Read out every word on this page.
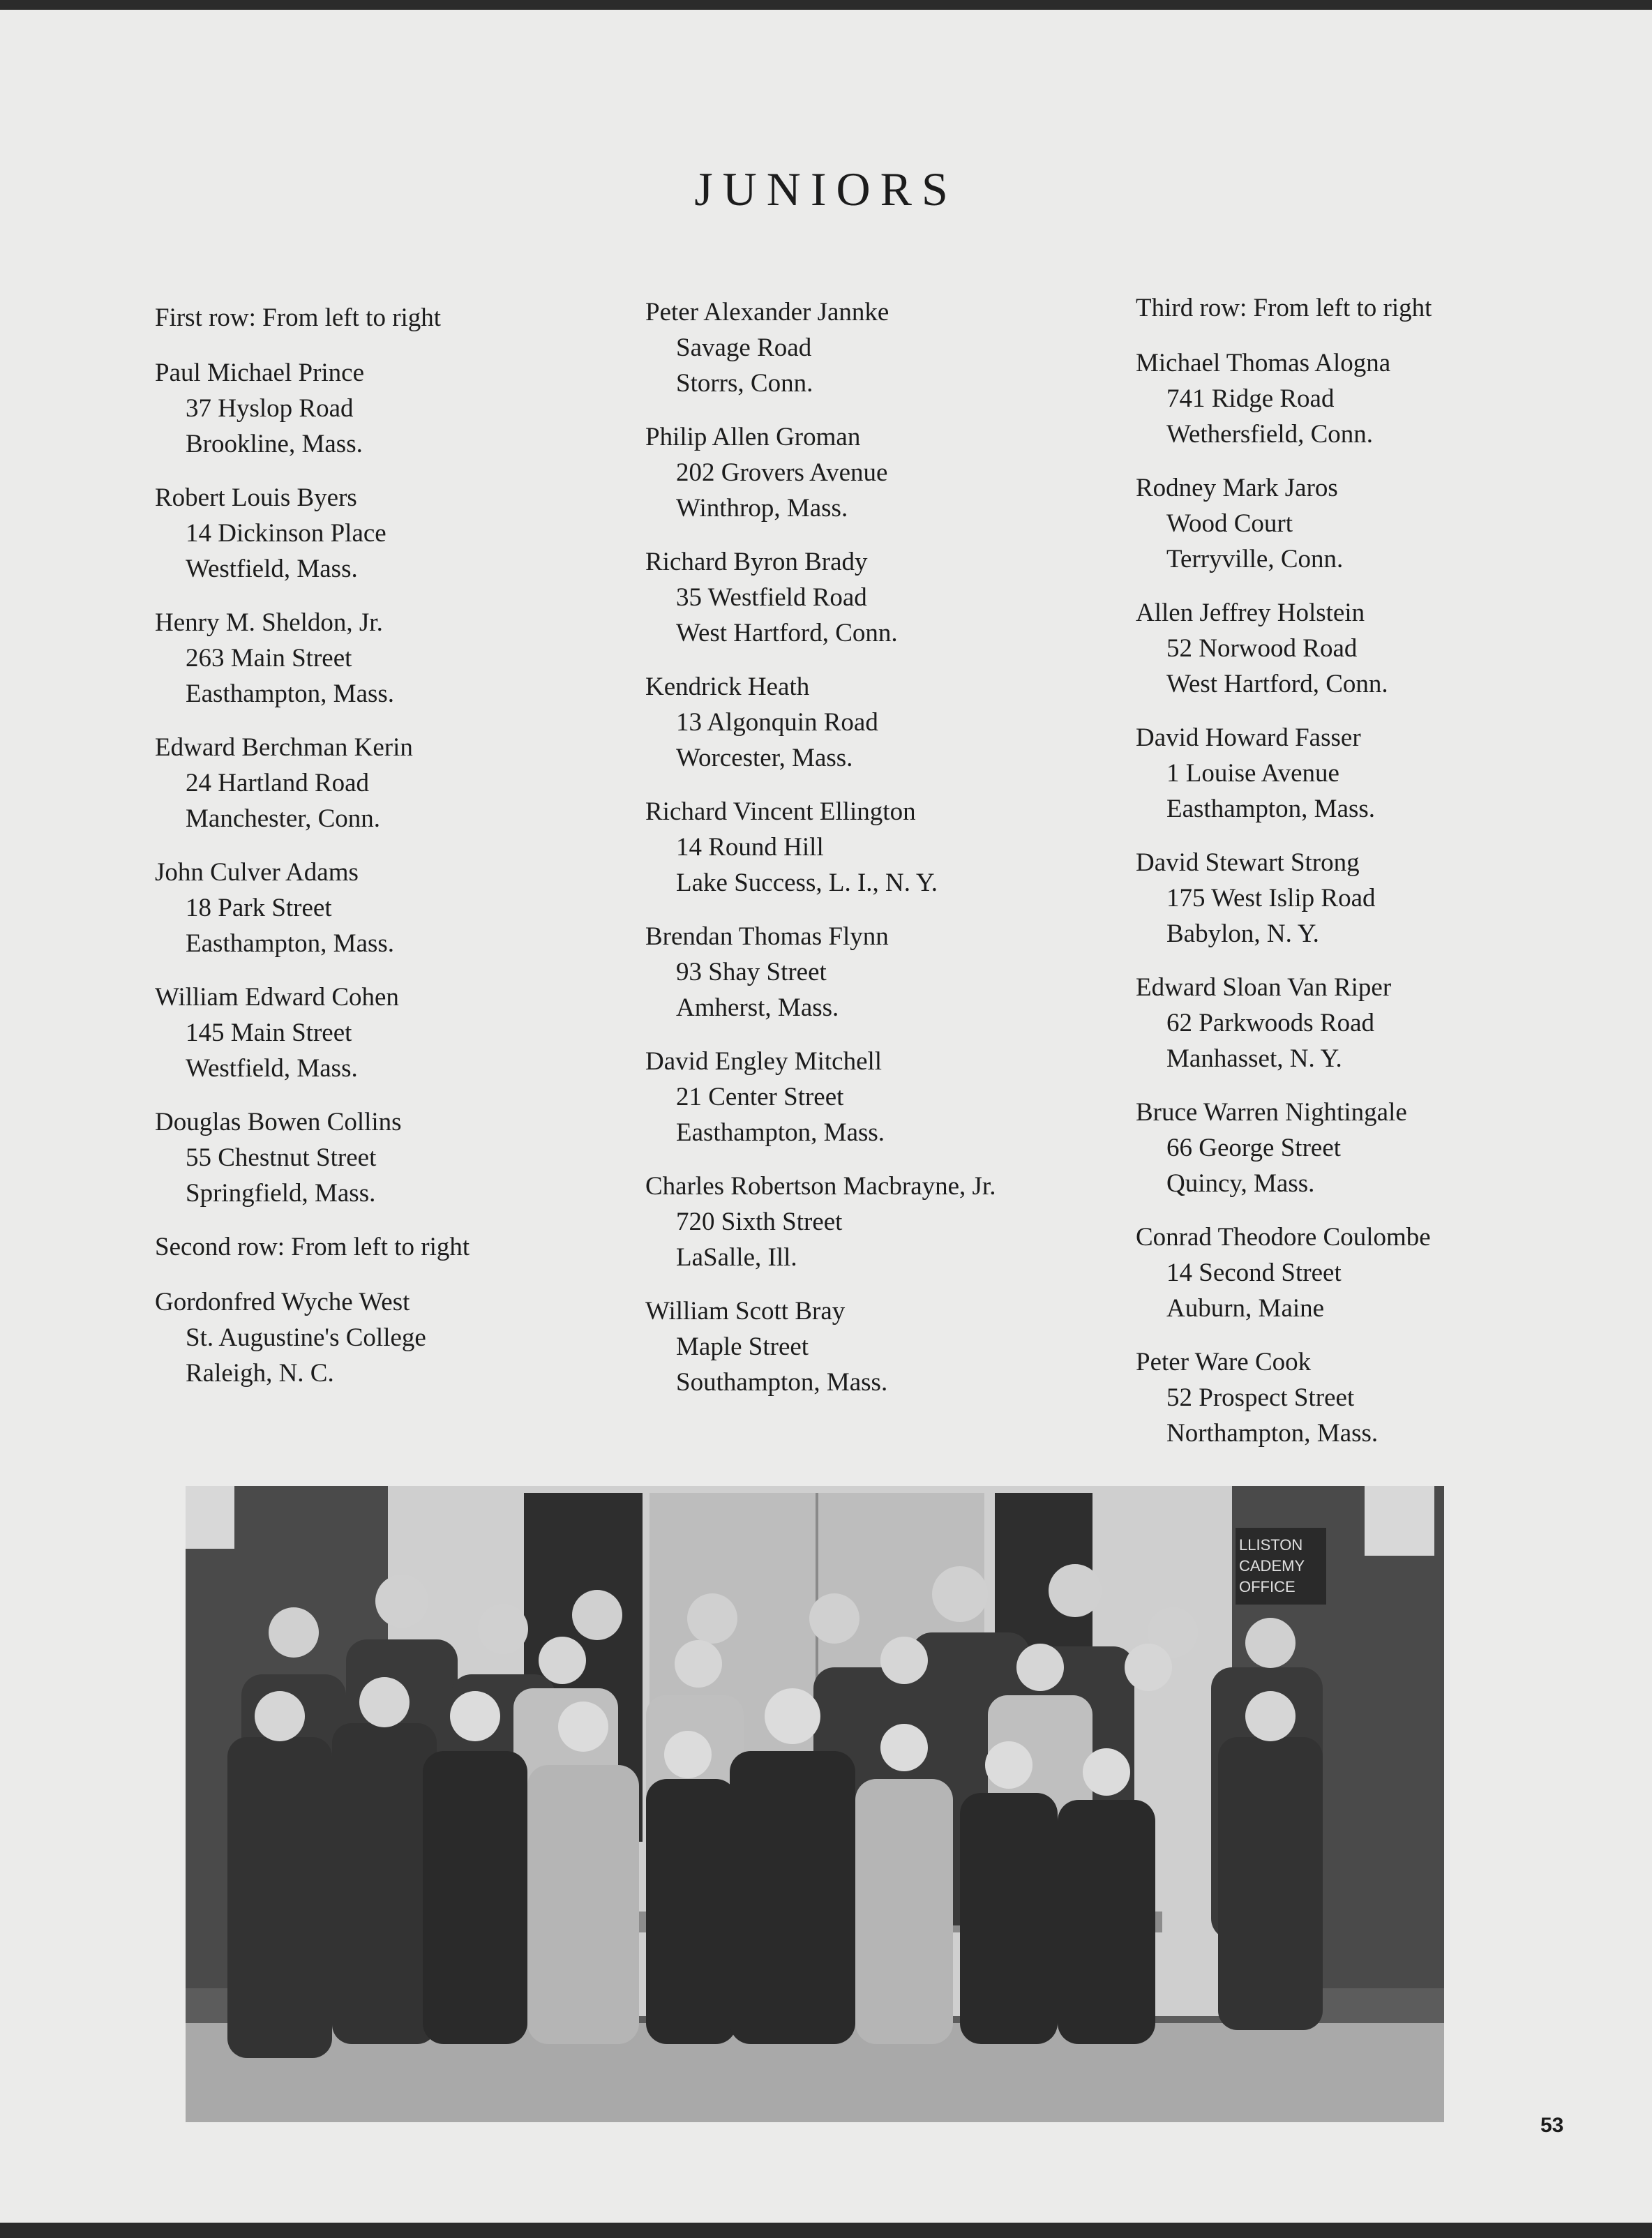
JUNIORS
First row: From left to right
Paul Michael Prince
37 Hyslop Road
Brookline, Mass.
Robert Louis Byers
14 Dickinson Place
Westfield, Mass.
Henry M. Sheldon, Jr.
263 Main Street
Easthampton, Mass.
Edward Berchman Kerin
24 Hartland Road
Manchester, Conn.
John Culver Adams
18 Park Street
Easthampton, Mass.
William Edward Cohen
145 Main Street
Westfield, Mass.
Douglas Bowen Collins
55 Chestnut Street
Springfield, Mass.
Second row: From left to right
Gordonfred Wyche West
St. Augustine's College
Raleigh, N. C.
Peter Alexander Jannke
Savage Road
Storrs, Conn.
Philip Allen Groman
202 Grovers Avenue
Winthrop, Mass.
Richard Byron Brady
35 Westfield Road
West Hartford, Conn.
Kendrick Heath
13 Algonquin Road
Worcester, Mass.
Richard Vincent Ellington
14 Round Hill
Lake Success, L. I., N. Y.
Brendan Thomas Flynn
93 Shay Street
Amherst, Mass.
David Engley Mitchell
21 Center Street
Easthampton, Mass.
Charles Robertson Macbrayne, Jr.
720 Sixth Street
LaSalle, Ill.
William Scott Bray
Maple Street
Southampton, Mass.
Third row: From left to right
Michael Thomas Alogna
741 Ridge Road
Wethersfield, Conn.
Rodney Mark Jaros
Wood Court
Terryville, Conn.
Allen Jeffrey Holstein
52 Norwood Road
West Hartford, Conn.
David Howard Fasser
1 Louise Avenue
Easthampton, Mass.
David Stewart Strong
175 West Islip Road
Babylon, N. Y.
Edward Sloan Van Riper
62 Parkwoods Road
Manhasset, N. Y.
Bruce Warren Nightingale
66 George Street
Quincy, Mass.
Conrad Theodore Coulombe
14 Second Street
Auburn, Maine
Peter Ware Cook
52 Prospect Street
Northampton, Mass.
LLISTON
CADEMY
OFFICE
53
